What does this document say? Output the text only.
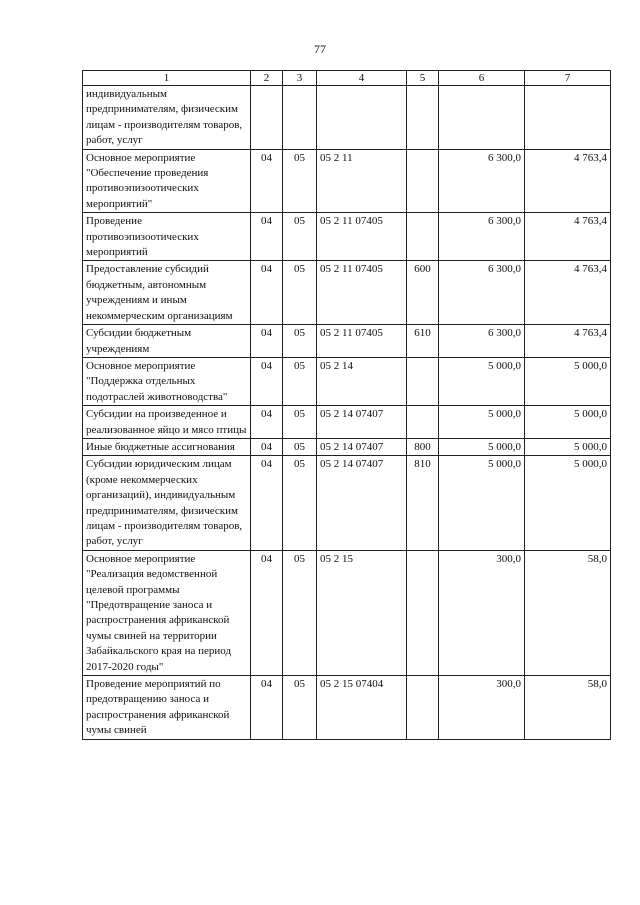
77
1	2	3	4	5	6	7
индивидуальным предпринимателям, физическим лицам - производителям товаров, работ, услуг						
Основное мероприятие "Обеспечение проведения противоэпизоотических мероприятий"	04	05	05 2 11		6 300,0	4 763,4
Проведение противоэпизоотических мероприятий	04	05	05 2 11 07405		6 300,0	4 763,4
Предоставление субсидий бюджетным, автономным учреждениям и иным некоммерческим организациям	04	05	05 2 11 07405	600	6 300,0	4 763,4
Субсидии бюджетным учреждениям	04	05	05 2 11 07405	610	6 300,0	4 763,4
Основное мероприятие "Поддержка отдельных подотраслей животноводства"	04	05	05 2 14		5 000,0	5 000,0
Субсидии на произведенное и реализованное яйцо и мясо птицы	04	05	05 2 14 07407		5 000,0	5 000,0
Иные бюджетные ассигнования	04	05	05 2 14 07407	800	5 000,0	5 000,0
Субсидии юридическим лицам (кроме некоммерческих организаций), индивидуальным предпринимателям, физическим лицам - производителям товаров, работ, услуг	04	05	05 2 14 07407	810	5 000,0	5 000,0
Основное мероприятие "Реализация ведомственной целевой программы "Предотвращение заноса и распространения африканской чумы свиней на территории Забайкальского края на период 2017-2020 годы"	04	05	05 2 15		300,0	58,0
Проведение мероприятий по предотвращению заноса и распространения африканской чумы свиней	04	05	05 2 15 07404		300,0	58,0
